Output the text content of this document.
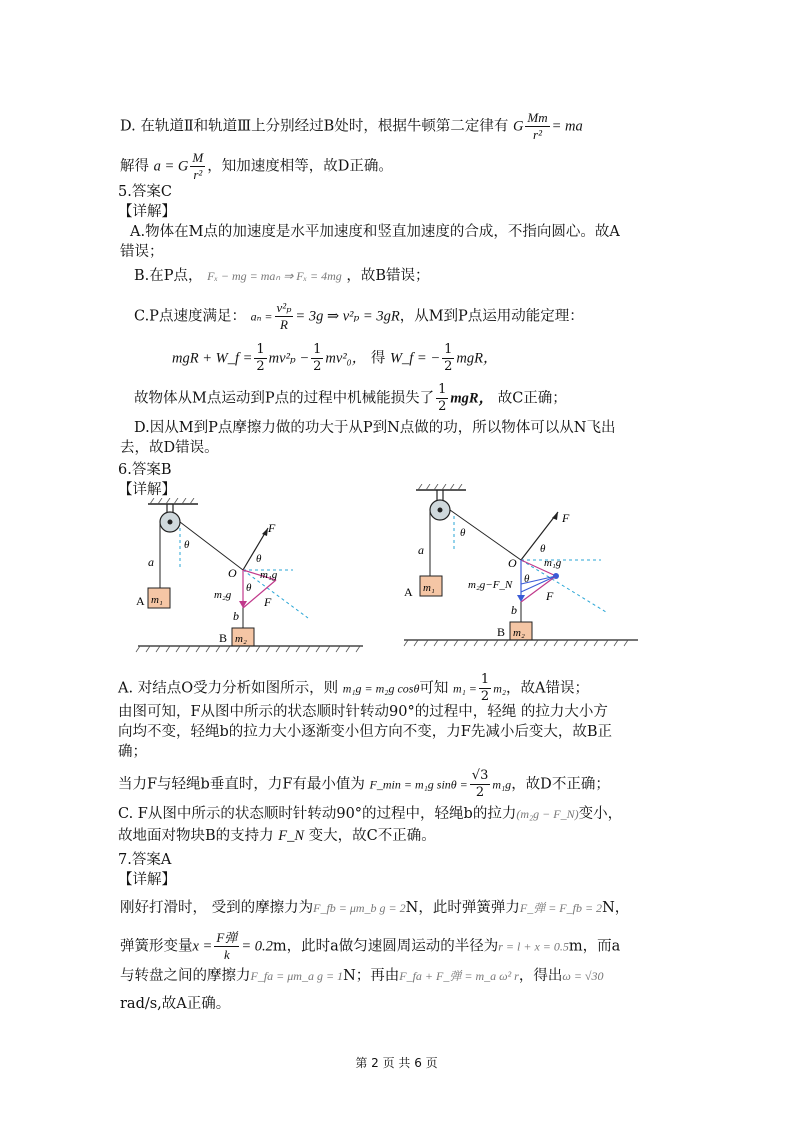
D. 在轨道Ⅱ和轨道Ⅲ上分别经过B处时，根据牛顿第二定律有 G $\frac{Mm}{\text{r²}}$ = ma
解得 a = G $\frac{M}{\text{r²}}$ ，知加速度相等，故D正确。
5.答案C
【详解】
A.物体在M点的加速度是水平加速度和竖直加速度的合成，不指向圆心。故A
错误；
B.在P点， Fₓ − mg = maₙ ⇒ Fₓ = 4mg ，故B错误；
C.P点速度满足： $a_n = \frac{\text{v²ₚ}}{R} = 3g$ ⇒ v²ₚ = 3gR，从M到P点运用动能定理：
mgR + W_f = $\frac{1}{2} mv^2_p - \frac{1}{2} mv^2_0$， 得 W_f = − $\frac{1}{2}$ mgR，
故物体从M点运动到P点的过程中机械能损失了 $\frac{1}{2}$ mgR， 故C正确；
D.因从M到P点摩擦力做的功大于从P到N点做的功，所以物体可以从N飞出
去，故D错误。
6.答案B
【详解】
m₁
A
a
θ
F
θ
O m₁g
θ
m₂g	F
b
m₂
B
m₁
A
a
θ
F
θ
O m₁g
θ
m₂g−F_N
F
b
m₂
B
A. 对结点O受力分析如图所示，则 m₁g = m₂g cosθ可知 $m_1 = \frac{1}{2} m_2$，故A错误；
由图可知，F从图中所示的状态顺时针转动90°的过程中，轻绳 的拉力大小方
向均不变，轻绳b的拉力大小逐渐变小但方向不变，力F先减小后变大，故B正
确；
当力F与轻绳b垂直时，力F有最小值为 F_min = m₁g $\sin\theta = \frac{√3}{2} m_1g$，故D不正确；
C. F从图中所示的状态顺时针转动90°的过程中，轻绳b的拉力(m₂g − F_N)变小，
故地面对物块B的支持力 F_N 变大，故C不正确。
7.答案A
【详解】
刚好打滑时， 受到的摩擦力为F_fb = μm_b g = 2N，此时弹簧弹力F_弹 = F_fb = 2N，
弹簧形变量$x = \frac{\text{F弹}}{k} = 0.2m$，此时a做匀速圆周运动的半径为r = l + x = 0.5m，而a
与转盘之间的摩擦力F_fa = μm_a g = 1N；再由F_fa + F_弹 = m_a ω² r，得出ω = √30
rad/s,故A正确。
第 2 页 共 6 页
